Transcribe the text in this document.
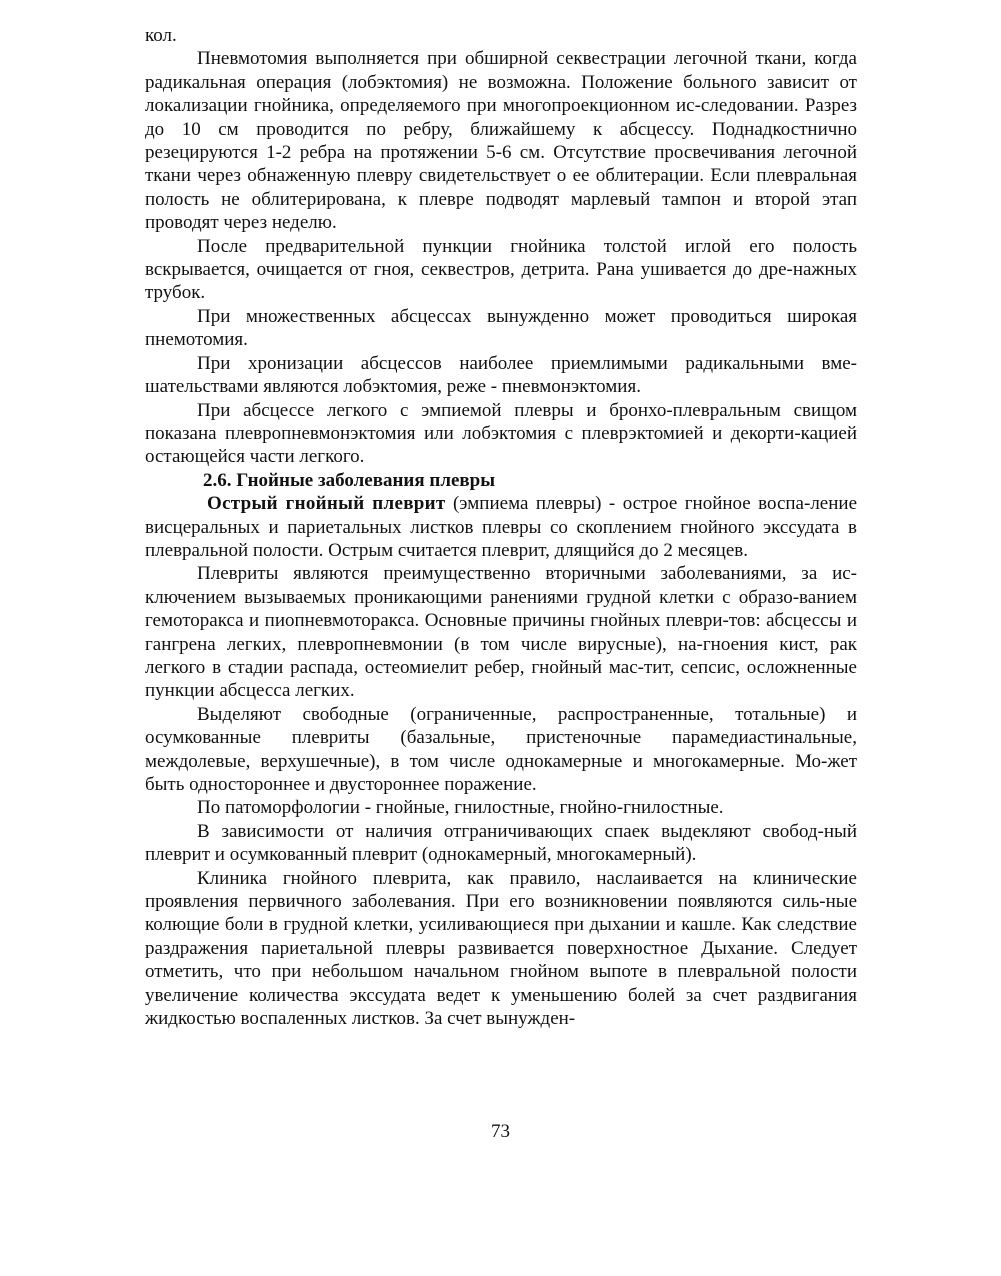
кол.

Пневмотомия выполняется при обширной секвестрации легочной ткани, когда радикальная операция (лобэктомия) не возможна. Положение больного зависит от локализации гнойника, определяемого при многопроекционном ис-следовании. Разрез до 10 см проводится по ребру, ближайшему к абсцессу. Поднадкостнично резецируются 1-2 ребра на протяжении 5-6 см. Отсутствие просвечивания легочной ткани через обнаженную плевру свидетельствует о ее облитерации. Если плевральная полость не облитерирована, к плевре подводят марлевый тампон и второй этап проводят через неделю.

После предварительной пункции гнойника толстой иглой его полость вскрывается, очищается от гноя, секвестров, детрита. Рана ушивается до дре-нажных трубок.

При множественных абсцессах вынужденно может проводиться широкая пнемотомия.

При хронизации абсцессов наиболее приемлимыми радикальными вме-шательствами являются лобэктомия, реже - пневмонэктомия.

При абсцессе легкого с эмпиемой плевры и бронхо-плевральным свищом показана плевропневмонэктомия или лобэктомия с плеврэктомией и декорти-кацией остающейся части легкого.

2.6. Гнойные заболевания плевры

Острый гнойный плеврит (эмпиема плевры) - острое гнойное воспа-ление висцеральных и париетальных листков плевры со скоплением гнойного экссудата в плевральной полости. Острым считается плеврит, длящийся до 2 месяцев.

Плевриты являются преимущественно вторичными заболеваниями, за ис-ключением вызываемых проникающими ранениями грудной клетки с образо-ванием гемоторакса и пиопневмоторакса. Основные причины гнойных плеври-тов: абсцессы и гангрена легких, плевропневмонии (в том числе вирусные), на-гноения кист, рак легкого в стадии распада, остеомиелит ребер, гнойный мас-тит, сепсис, осложненные пункции абсцесса легких.

Выделяют свободные (ограниченные, распространенные, тотальные) и осумкованные плевриты (базальные, пристеночные парамедиастинальные, междолевые, верхушечные), в том числе однокамерные и многокамерные. Мо-жет быть одностороннее и двустороннее поражение.

По патоморфологии - гнойные, гнилостные, гнойно-гнилостные.

В зависимости от наличия отграничивающих спаек выдекляют свобод-ный плеврит и осумкованный плеврит (однокамерный, многокамерный).

Клиника гнойного плеврита, как правило, наслаивается на клинические проявления первичного заболевания. При его возникновении появляются силь-ные колющие боли в грудной клетки, усиливающиеся при дыхании и кашле. Как следствие раздражения париетальной плевры развивается поверхностное Дыхание. Следует отметить, что при небольшом начальном гнойном выпоте в плевральной полости увеличение количества экссудата ведет к уменьшению болей за счет раздвигания жидкостью воспаленных листков. За счет вынужден-

73
